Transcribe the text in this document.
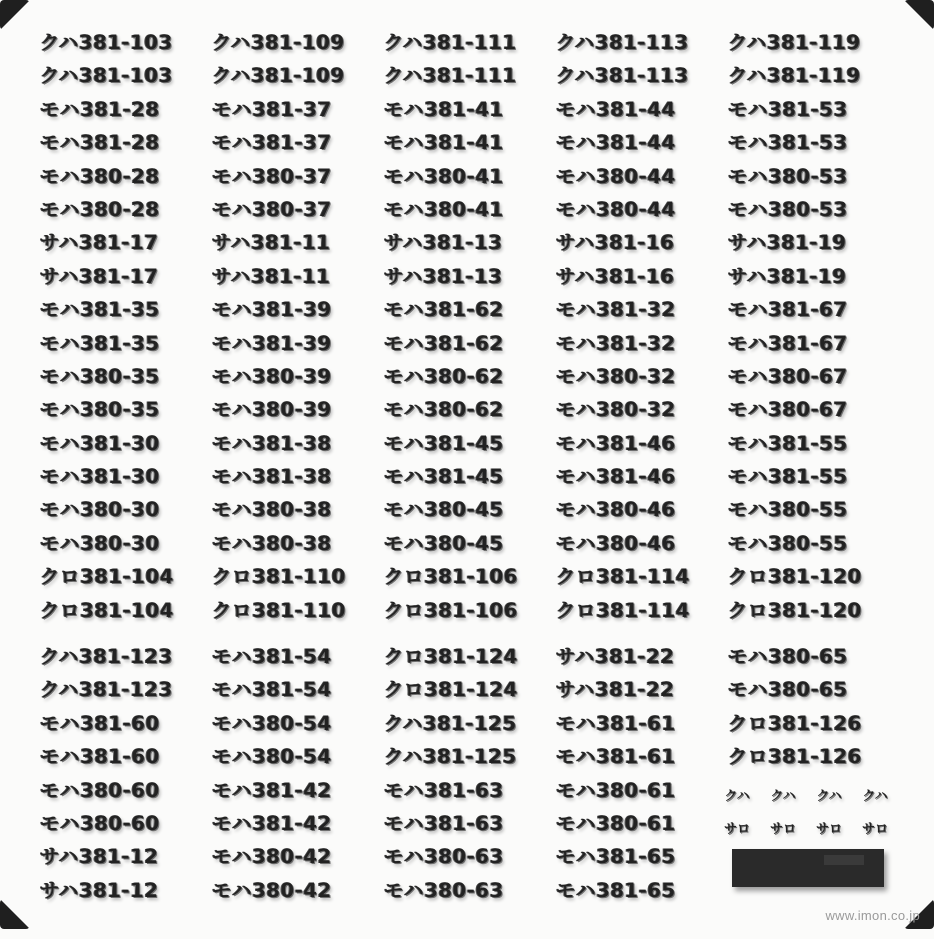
クハ381-103	クハ381-109	クハ381-111	クハ381-113	クハ381-119
クハ381-103	クハ381-109	クハ381-111	クハ381-113	クハ381-119
モハ381-28	モハ381-37	モハ381-41	モハ381-44	モハ381-53
モハ381-28	モハ381-37	モハ381-41	モハ381-44	モハ381-53
モハ380-28	モハ380-37	モハ380-41	モハ380-44	モハ380-53
モハ380-28	モハ380-37	モハ380-41	モハ380-44	モハ380-53
サハ381-17	サハ381-11	サハ381-13	サハ381-16	サハ381-19
サハ381-17	サハ381-11	サハ381-13	サハ381-16	サハ381-19
モハ381-35	モハ381-39	モハ381-62	モハ381-32	モハ381-67
モハ381-35	モハ381-39	モハ381-62	モハ381-32	モハ381-67
モハ380-35	モハ380-39	モハ380-62	モハ380-32	モハ380-67
モハ380-35	モハ380-39	モハ380-62	モハ380-32	モハ380-67
モハ381-30	モハ381-38	モハ381-45	モハ381-46	モハ381-55
モハ381-30	モハ381-38	モハ381-45	モハ381-46	モハ381-55
モハ380-30	モハ380-38	モハ380-45	モハ380-46	モハ380-55
モハ380-30	モハ380-38	モハ380-45	モハ380-46	モハ380-55
クロ381-104	クロ381-110	クロ381-106	クロ381-114	クロ381-120
クロ381-104	クロ381-110	クロ381-106	クロ381-114	クロ381-120
クハ381-123	モハ381-54	クロ381-124	サハ381-22	モハ380-65
クハ381-123	モハ381-54	クロ381-124	サハ381-22	モハ380-65
モハ381-60	モハ380-54	クハ381-125	モハ381-61	クロ381-126
モハ381-60	モハ380-54	クハ381-125	モハ381-61	クロ381-126
モハ380-60	モハ381-42	モハ381-63	モハ380-61
モハ380-60	モハ381-42	モハ381-63	モハ380-61
サハ381-12	モハ380-42	モハ380-63	モハ381-65
サハ381-12	モハ380-42	モハ380-63	モハ381-65
クハ	クハ	クハ	クハ
サロ	サロ	サロ	サロ
www.imon.co.jp
